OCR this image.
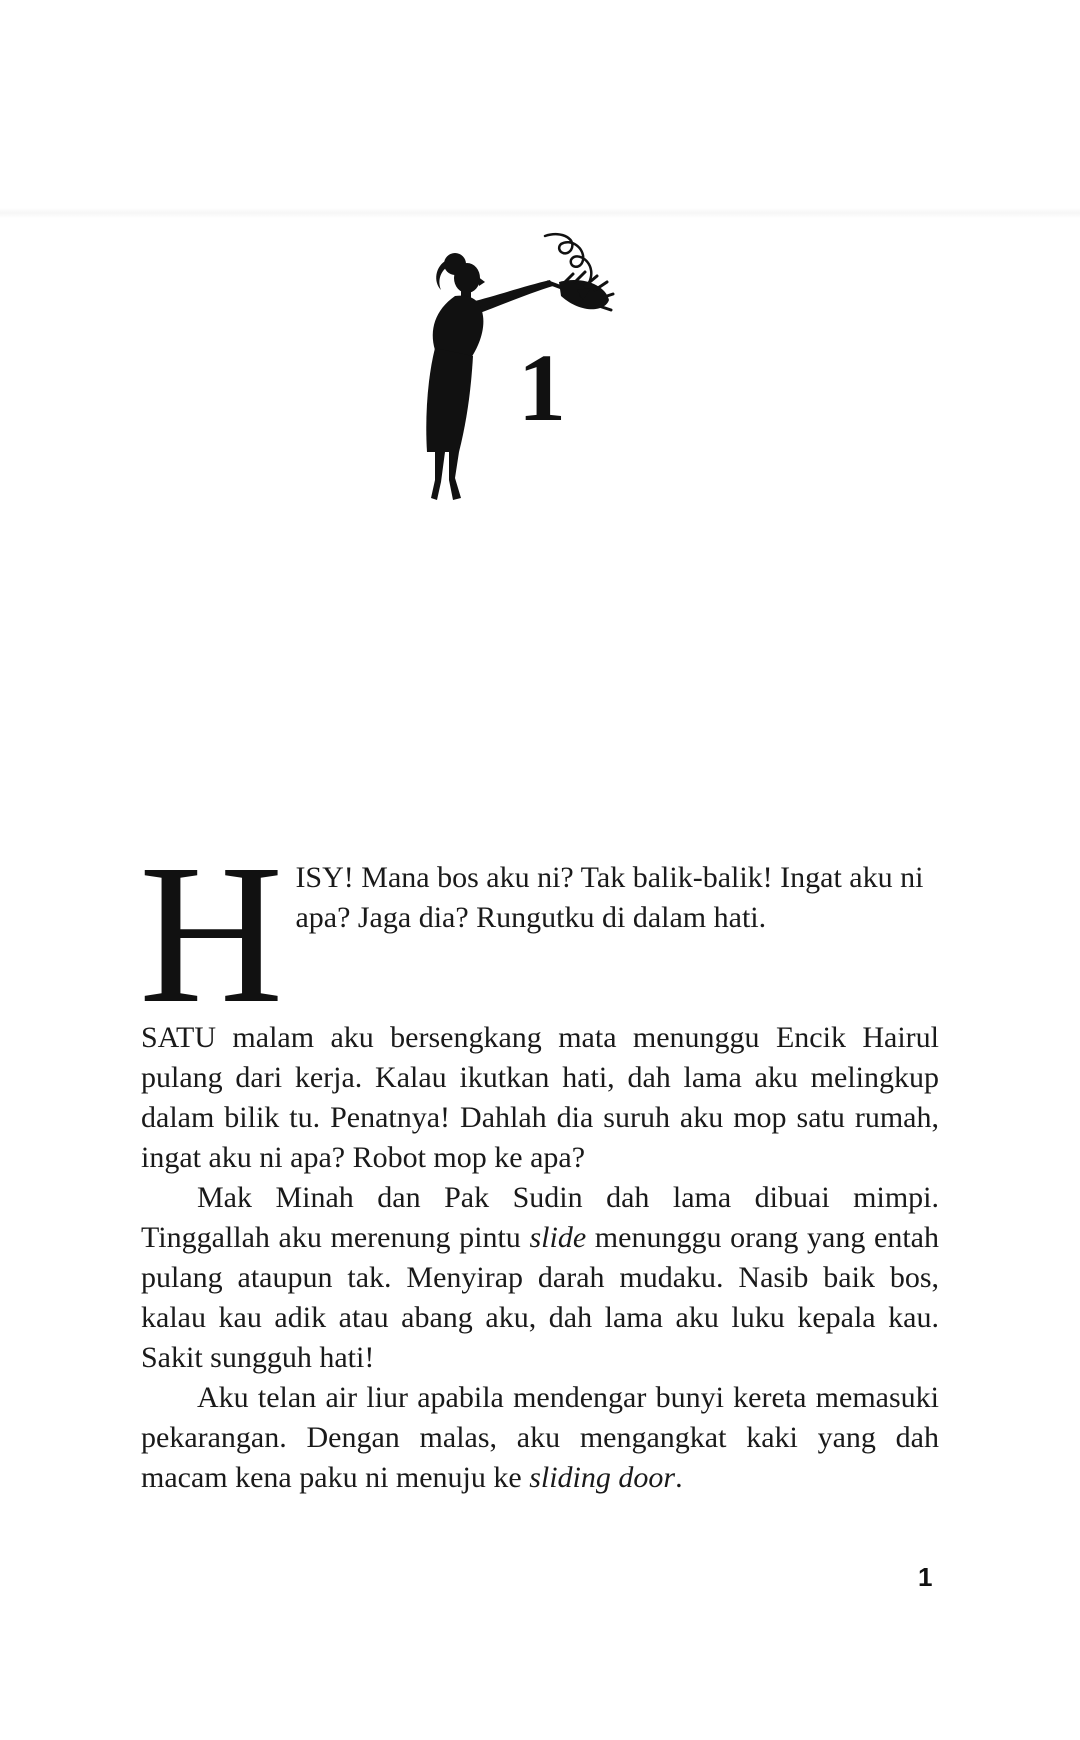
1
H ISY! Mana bos aku ni? Tak balik-balik! Ingat aku ni apa? Jaga dia? Rungutku di dalam hati.

SATU malam aku bersengkang mata menunggu Encik Hairul pulang dari kerja. Kalau ikutkan hati, dah lama aku melingkup dalam bilik tu. Penatnya! Dahlah dia suruh aku mop satu rumah, ingat aku ni apa? Robot mop ke apa?

Mak Minah dan Pak Sudin dah lama dibuai mimpi. Tinggallah aku merenung pintu slide menunggu orang yang entah pulang ataupun tak. Menyirap darah mudaku. Nasib baik bos, kalau kau adik atau abang aku, dah lama aku luku kepala kau. Sakit sungguh hati!

Aku telan air liur apabila mendengar bunyi kereta memasuki pekarangan. Dengan malas, aku mengangkat kaki yang dah macam kena paku ni menuju ke sliding door.

1
